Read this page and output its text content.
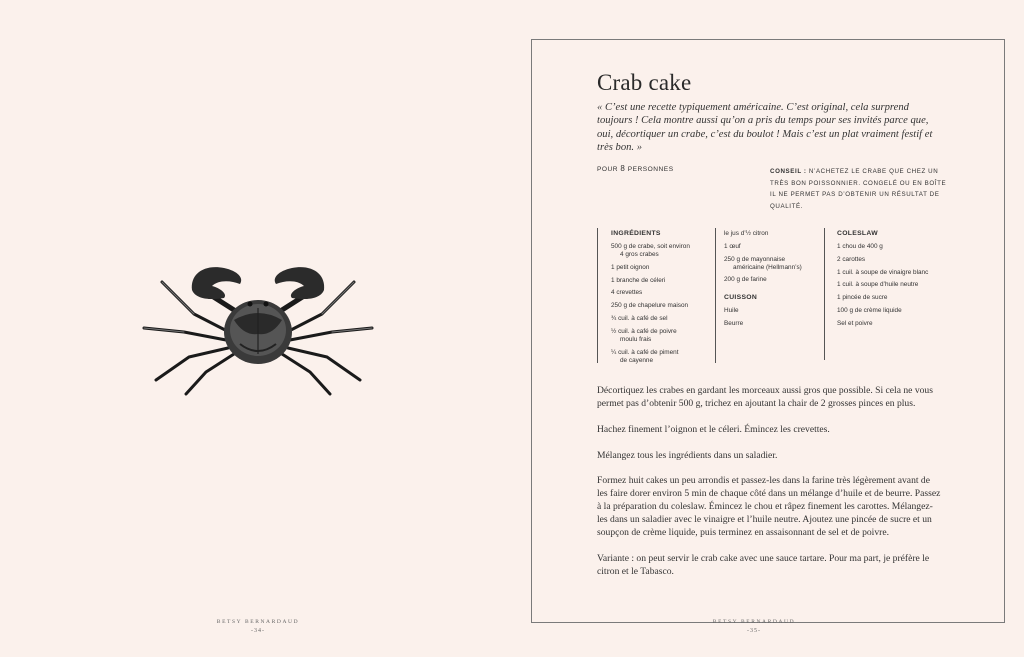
BETSY BERNARDAUD
-34-
Crab cake

« C’est une recette typiquement américaine. C’est original, cela surprend toujours ! Cela montre aussi qu’on a pris du temps pour ses invités parce que, oui, décortiquer un crabe, c’est du boulot ! Mais c’est un plat vraiment festif et très bon. »

POUR 8 PERSONNES	CONSEIL : N’ACHETEZ LE CRABE QUE CHEZ UN TRÈS BON POISSONNIER. CONGELÉ OU EN BOÎTE IL NE PERMET PAS D’OBTENIR UN RÉSULTAT DE QUALITÉ.
INGRÉDIENTS
500 g de crabe, soit environ
4 gros crabes
1 petit oignon
1 branche de céleri
4 crevettes
250 g de chapelure maison
¾ cuil. à café de sel
½ cuil. à café de poivre
moulu frais
¼ cuil. à café de piment
de cayenne
le jus d’½ citron
1 œuf
250 g de mayonnaise
américaine (Hellmann’s)
200 g de farine
CUISSON
Huile
Beurre
COLESLAW
1 chou de 400 g
2 carottes
1 cuil. à soupe de vinaigre blanc
1 cuil. à soupe d’huile neutre
1 pincée de sucre
100 g de crème liquide
Sel et poivre

Décortiquez les crabes en gardant les morceaux aussi gros que possible. Si cela ne vous permet pas d’obtenir 500 g, trichez en ajoutant la chair de 2 grosses pinces en plus.

Hachez finement l’oignon et le céleri. Émincez les crevettes.

Mélangez tous les ingrédients dans un saladier.

Formez huit cakes un peu arrondis et passez-les dans la farine très légèrement avant de les faire dorer environ 5 min de chaque côté dans un mélange d’huile et de beurre. Passez à la préparation du coleslaw. Émincez le chou et râpez finement les carottes. Mélangez-les dans un saladier avec le vinaigre et l’huile neutre. Ajoutez une pincée de sucre et un soupçon de crème liquide, puis terminez en assaisonnant de sel et de poivre.

Variante : on peut servir le crab cake avec une sauce tartare. Pour ma part, je préfère le citron et le Tabasco.

BETSY BERNARDAUD
-35-
